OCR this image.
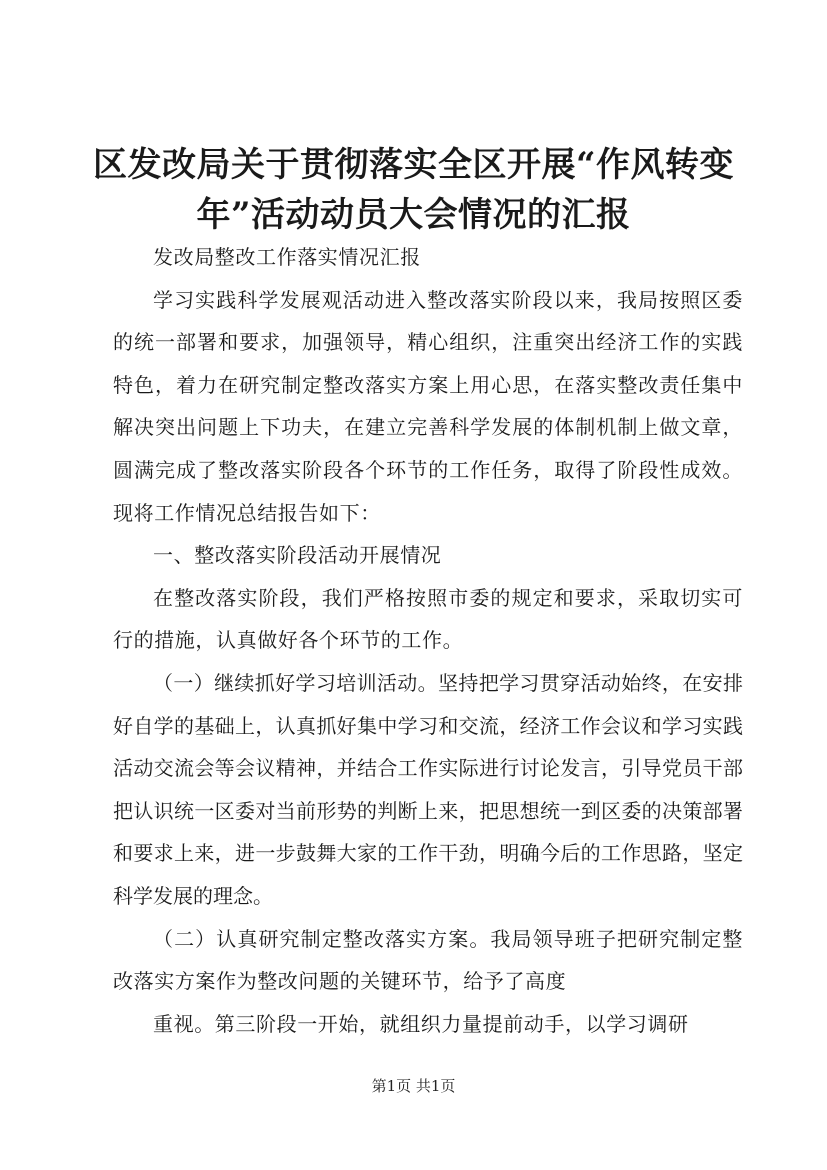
区发改局关于贯彻落实全区开展“作风转变年”活动动员大会情况的汇报

发改局整改工作落实情况汇报

学习实践科学发展观活动进入整改落实阶段以来，我局按照区委的统一部署和要求，加强领导，精心组织，注重突出经济工作的实践特色，着力在研究制定整改落实方案上用心思，在落实整改责任集中解决突出问题上下功夫，在建立完善科学发展的体制机制上做文章，圆满完成了整改落实阶段各个环节的工作任务，取得了阶段性成效。现将工作情况总结报告如下：

一、整改落实阶段活动开展情况

在整改落实阶段，我们严格按照市委的规定和要求，采取切实可行的措施，认真做好各个环节的工作。

（一）继续抓好学习培训活动。坚持把学习贯穿活动始终，在安排好自学的基础上，认真抓好集中学习和交流，经济工作会议和学习实践活动交流会等会议精神，并结合工作实际进行讨论发言，引导党员干部把认识统一区委对当前形势的判断上来，把思想统一到区委的决策部署和要求上来，进一步鼓舞大家的工作干劲，明确今后的工作思路，坚定科学发展的理念。

（二）认真研究制定整改落实方案。我局领导班子把研究制定整改落实方案作为整改问题的关键环节，给予了高度

重视。第三阶段一开始，就组织力量提前动手，以学习调研

第1页 共1页
